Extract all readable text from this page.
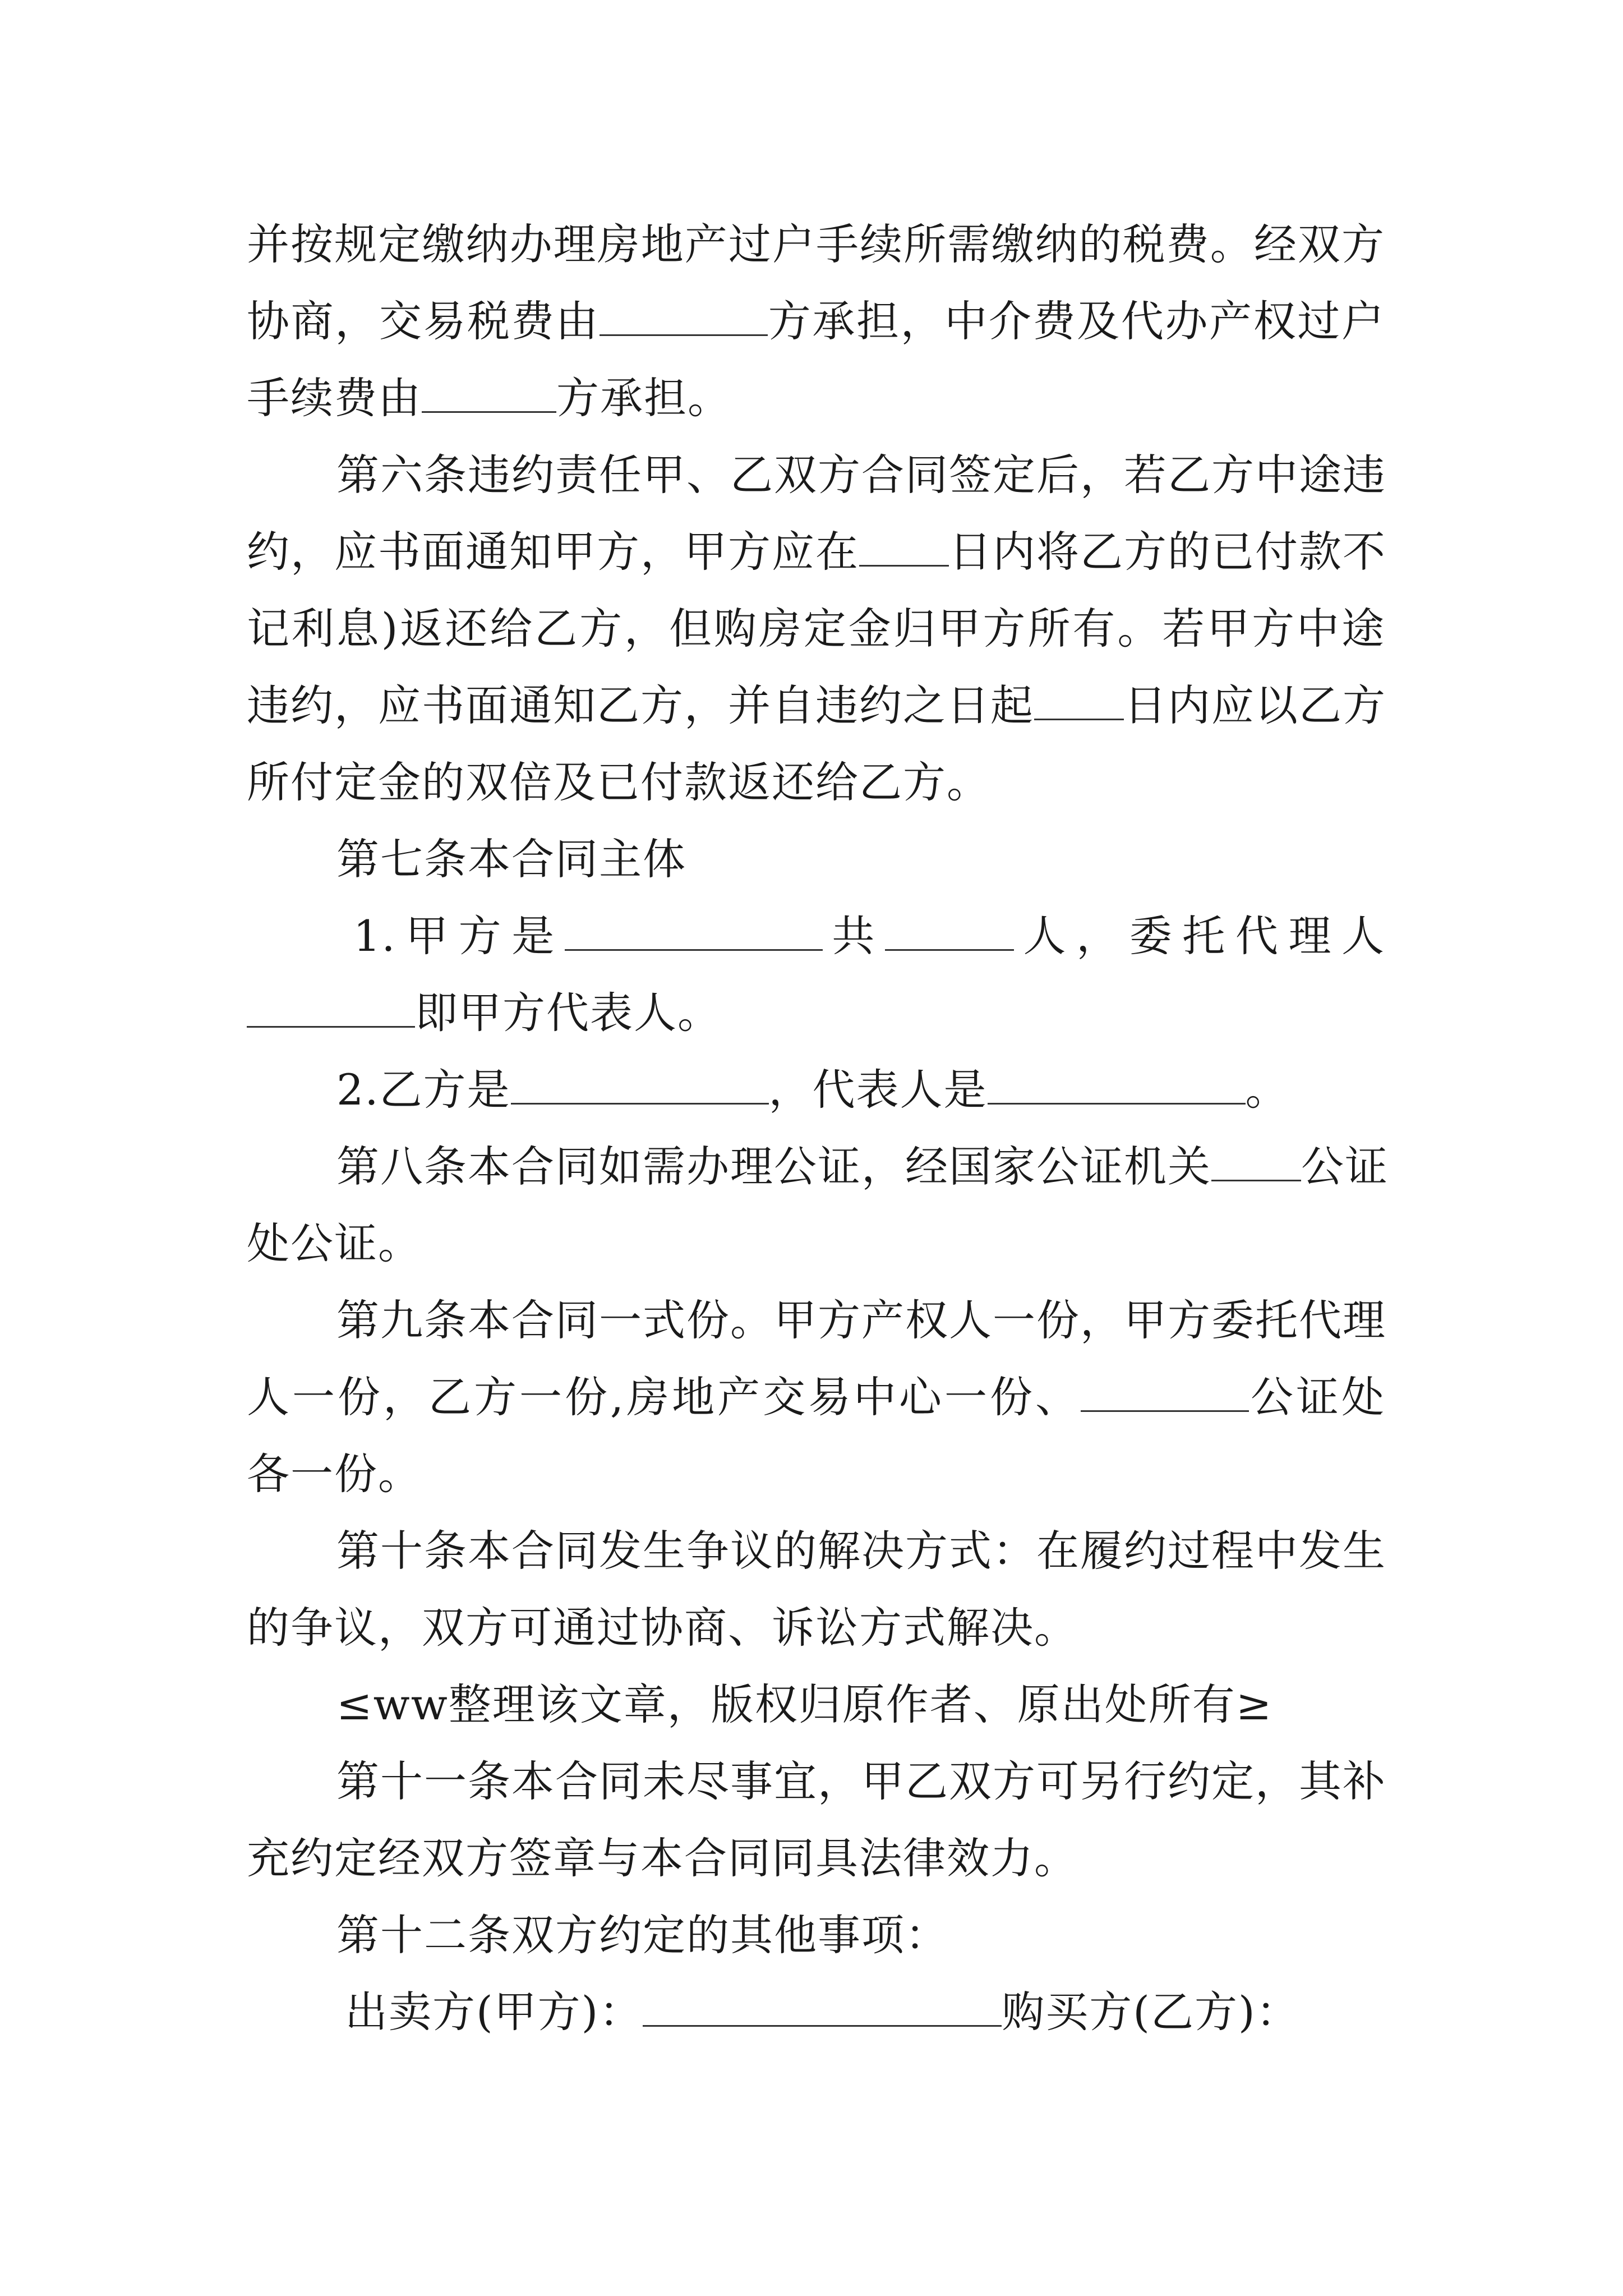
并按规定缴纳办理房地产过户手续所需缴纳的税费。经双方
协商，交易税费由	方承担，中介费及代办产权过户
手续费由	方承担。
第六条违约责任甲、乙双方合同签定后，若乙方中途违
约，应书面通知甲方，甲方应在 日内将乙方的已付款不
记利息)返还给乙方，但购房定金归甲方所有。若甲方中途
违约，应书面通知乙方，并自违约之日起 日内应以乙方
所付定金的双倍及已付款返还给乙方。
第七条本合同主体
1.甲方是	共	人，委托代理人
即甲方代表人。
2.乙方是	，代表人是	。
第八条本合同如需办理公证，经国家公证机关 公证
处公证。
第九条本合同一式份。甲方产权人一份，甲方委托代理
人一份，乙方一份,房地产交易中心一份、	公证处
各一份。
第十条本合同发生争议的解决方式：在履约过程中发生
的争议，双方可通过协商、诉讼方式解决。
≤ww整理该文章，版权归原作者、原出处所有≥
第十一条本合同未尽事宜，甲乙双方可另行约定，其补
充约定经双方签章与本合同同具法律效力。
第十二条双方约定的其他事项：
出卖方(甲方)：	购买方(乙方)：
